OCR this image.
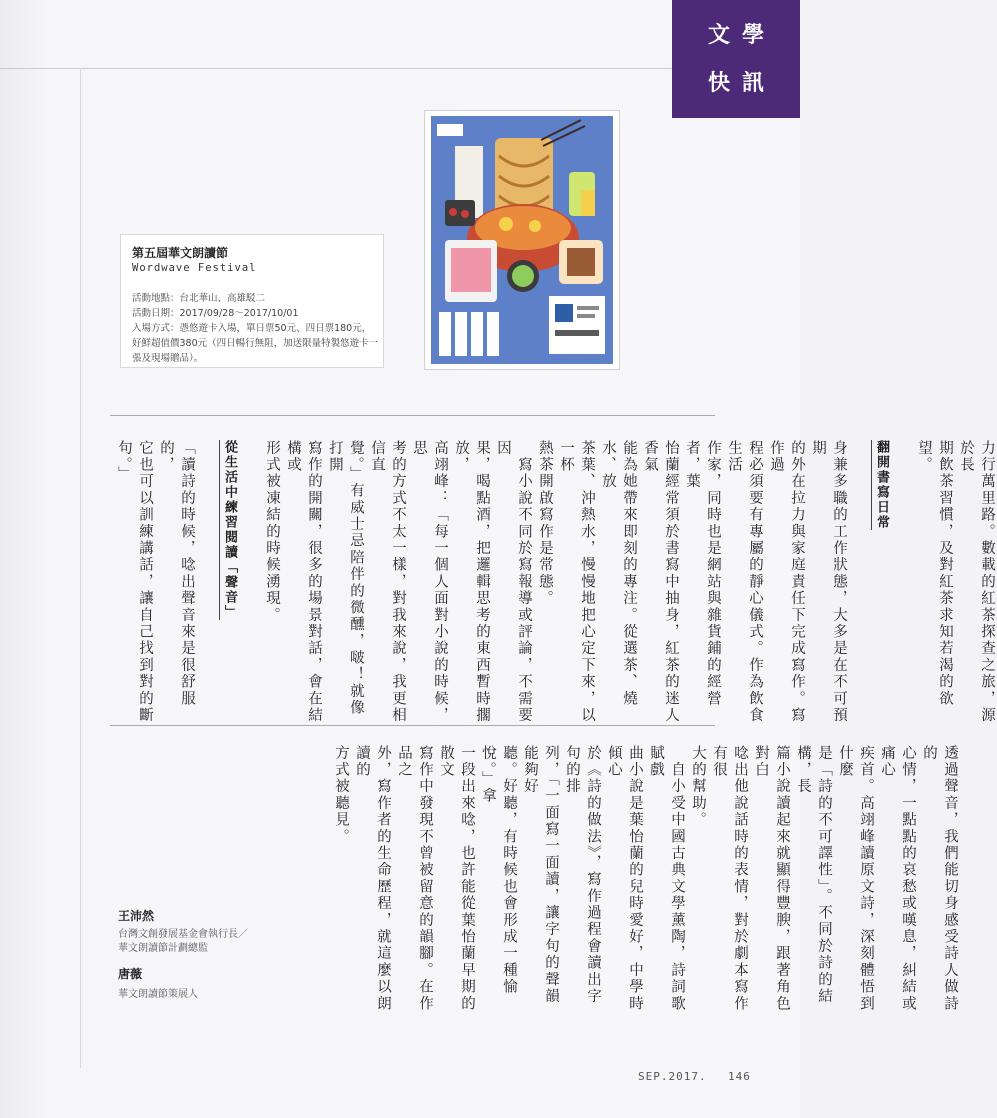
文學
快訊
第五屆華文朗讀節
Wordwave Festival
活動地點：台北華山、高雄駁二
活動日期：2017/09/28～2017/10/01
入場方式：憑悠遊卡入場，單日票50元、四日票180元，
好鮮超值價380元（四日暢行無阻，加送限量特製悠遊卡一
張及現場贈品）。
力行萬里路。數載的紅茶探查之旅，源於長
期飲茶習慣，及對紅茶求知若渴的欲望。

翻開書寫日常

身兼多職的工作狀態，大多是在不可預期
的外在拉力與家庭責任下完成寫作。寫作過
程必須要有專屬的靜心儀式。作為飲食生活
作家，同時也是網站與雜貨鋪的經營者，葉
怡蘭經常須於書寫中抽身，紅茶的迷人香氣
能為她帶來即刻的專注。從選茶、燒水、放
茶葉、沖熱水，慢慢地把心定下來，以一杯
熱茶開啟寫作是常態。
　寫小說不同於寫報導或評論，不需要因
果，喝點酒，把邏輯思考的東西暫時擱放，
高翊峰：「每一個人面對小說的時候，思
考的方式不太一樣，對我來說，我更相信直
覺。」有威士忌陪伴的微醺，啵！就像打開
寫作的開關，很多的場景對話，會在結構或
形式被凍結的時候湧現。

從生活中練習閱讀「聲音」

「讀詩的時候，唸出聲音來是很舒服的，
它也可以訓練講話，讓自己找到對的斷句。」
透過聲音，我們能切身感受詩人做詩的
心情，一點點的哀愁或嘆息，糾結或痛心
疾首。高翊峰讀原文詩，深刻體悟到什麼
是「詩的不可譯性」。不同於詩的結構，長
篇小說讀起來就顯得豐腴，跟著角色對白
唸出他說話時的表情，對於劇本寫作有很
大的幫助。
　自小受中國古典文學薰陶，詩詞歌賦戲
曲小說是葉怡蘭的兒時愛好，中學時傾心
於《詩的做法》，寫作過程會讀出字句的排
列，「一面寫一面讀，讓字句的聲韻能夠好
聽。好聽，有時候也會形成一種愉悅。」拿
一段出來唸，也許能從葉怡蘭早期的散文
寫作中發現不曾被留意的韻腳。在作品之
外，寫作者的生命歷程，就這麼以朗讀的
方式被聽見。
王沛然
台灣文創發展基金會執行長／
華文朗讀節計劃總監
唐薇
華文朗讀節策展人
SEP.2017. 146
